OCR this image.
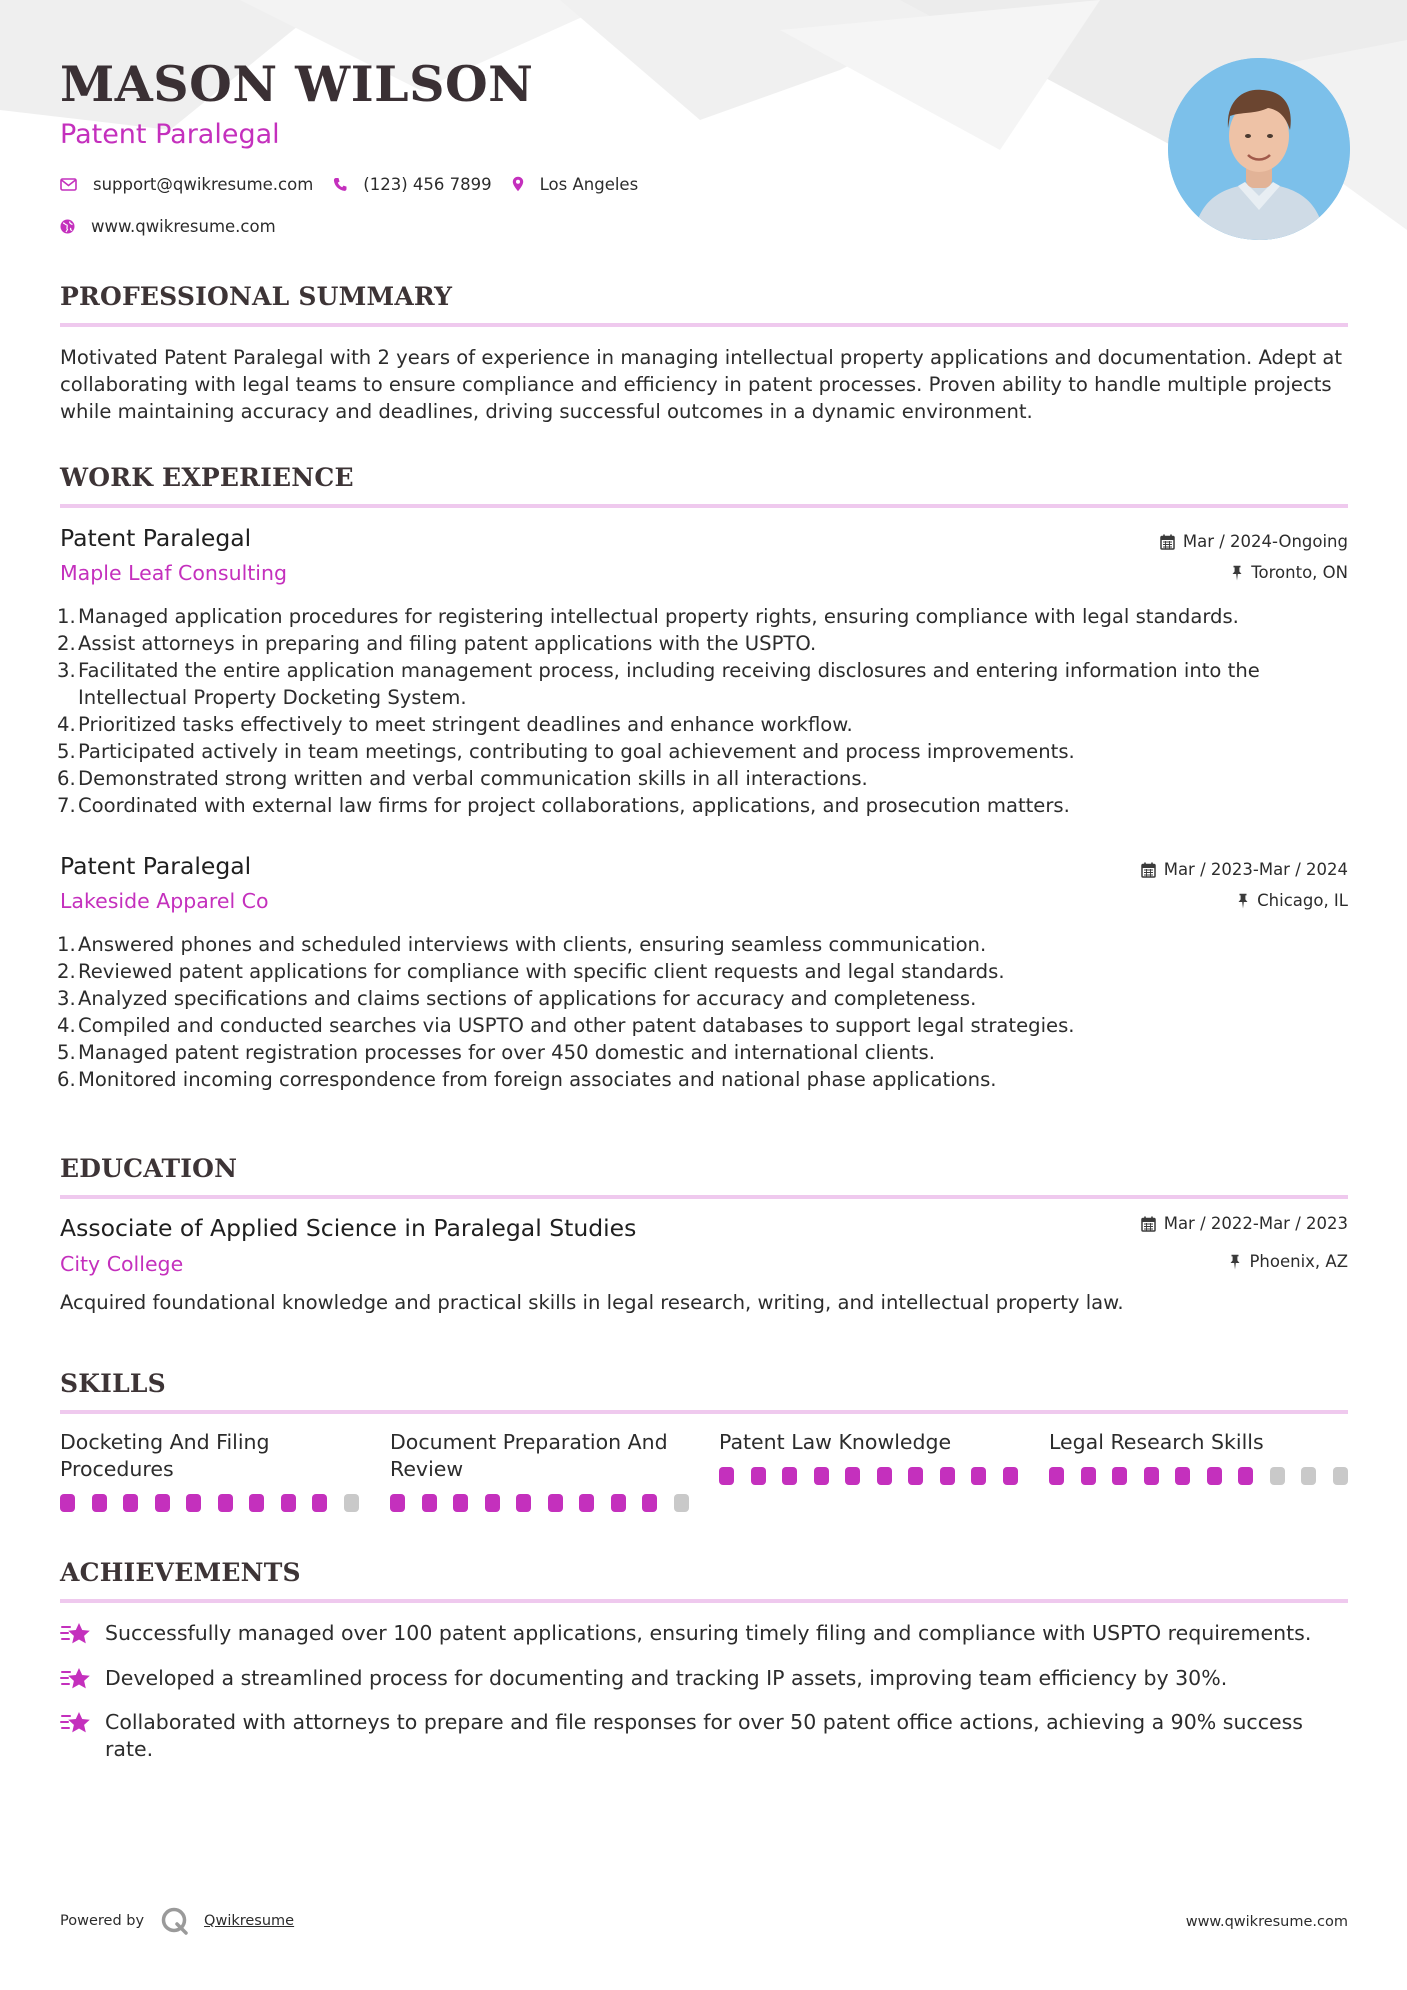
MASON WILSON
Patent Paralegal
support@qwikresume.com	(123) 456 7899	Los Angeles
www.qwikresume.com
PROFESSIONAL SUMMARY

Motivated Patent Paralegal with 2 years of experience in managing intellectual property applications and documentation. Adept at collaborating with legal teams to ensure compliance and efficiency in patent processes. Proven ability to handle multiple projects while maintaining accuracy and deadlines, driving successful outcomes in a dynamic environment.

WORK EXPERIENCE
Patent Paralegal
Maple Leaf Consulting
Mar / 2024-Ongoing
Toronto, ON
1. Managed application procedures for registering intellectual property rights, ensuring compliance with legal standards.
2. Assist attorneys in preparing and filing patent applications with the USPTO.
3. Facilitated the entire application management process, including receiving disclosures and entering information into the Intellectual Property Docketing System.
4. Prioritized tasks effectively to meet stringent deadlines and enhance workflow.
5. Participated actively in team meetings, contributing to goal achievement and process improvements.
6. Demonstrated strong written and verbal communication skills in all interactions.
7. Coordinated with external law firms for project collaborations, applications, and prosecution matters.
Patent Paralegal
Lakeside Apparel Co
Mar / 2023-Mar / 2024
Chicago, IL
1. Answered phones and scheduled interviews with clients, ensuring seamless communication.
2. Reviewed patent applications for compliance with specific client requests and legal standards.
3. Analyzed specifications and claims sections of applications for accuracy and completeness.
4. Compiled and conducted searches via USPTO and other patent databases to support legal strategies.
5. Managed patent registration processes for over 450 domestic and international clients.
6. Monitored incoming correspondence from foreign associates and national phase applications.
EDUCATION
Associate of Applied Science in Paralegal Studies
City College
Mar / 2022-Mar / 2023
Phoenix, AZ

Acquired foundational knowledge and practical skills in legal research, writing, and intellectual property law.

SKILLS
Docketing And Filing Procedures
Document Preparation And Review
Patent Law Knowledge	Legal Research Skills
ACHIEVEMENTS
Successfully managed over 100 patent applications, ensuring timely filing and compliance with USPTO requirements.
Developed a streamlined process for documenting and tracking IP assets, improving team efficiency by 30%.
Collaborated with attorneys to prepare and file responses for over 50 patent office actions, achieving a 90% success rate.
Powered by	Qwikresume	www.qwikresume.com
